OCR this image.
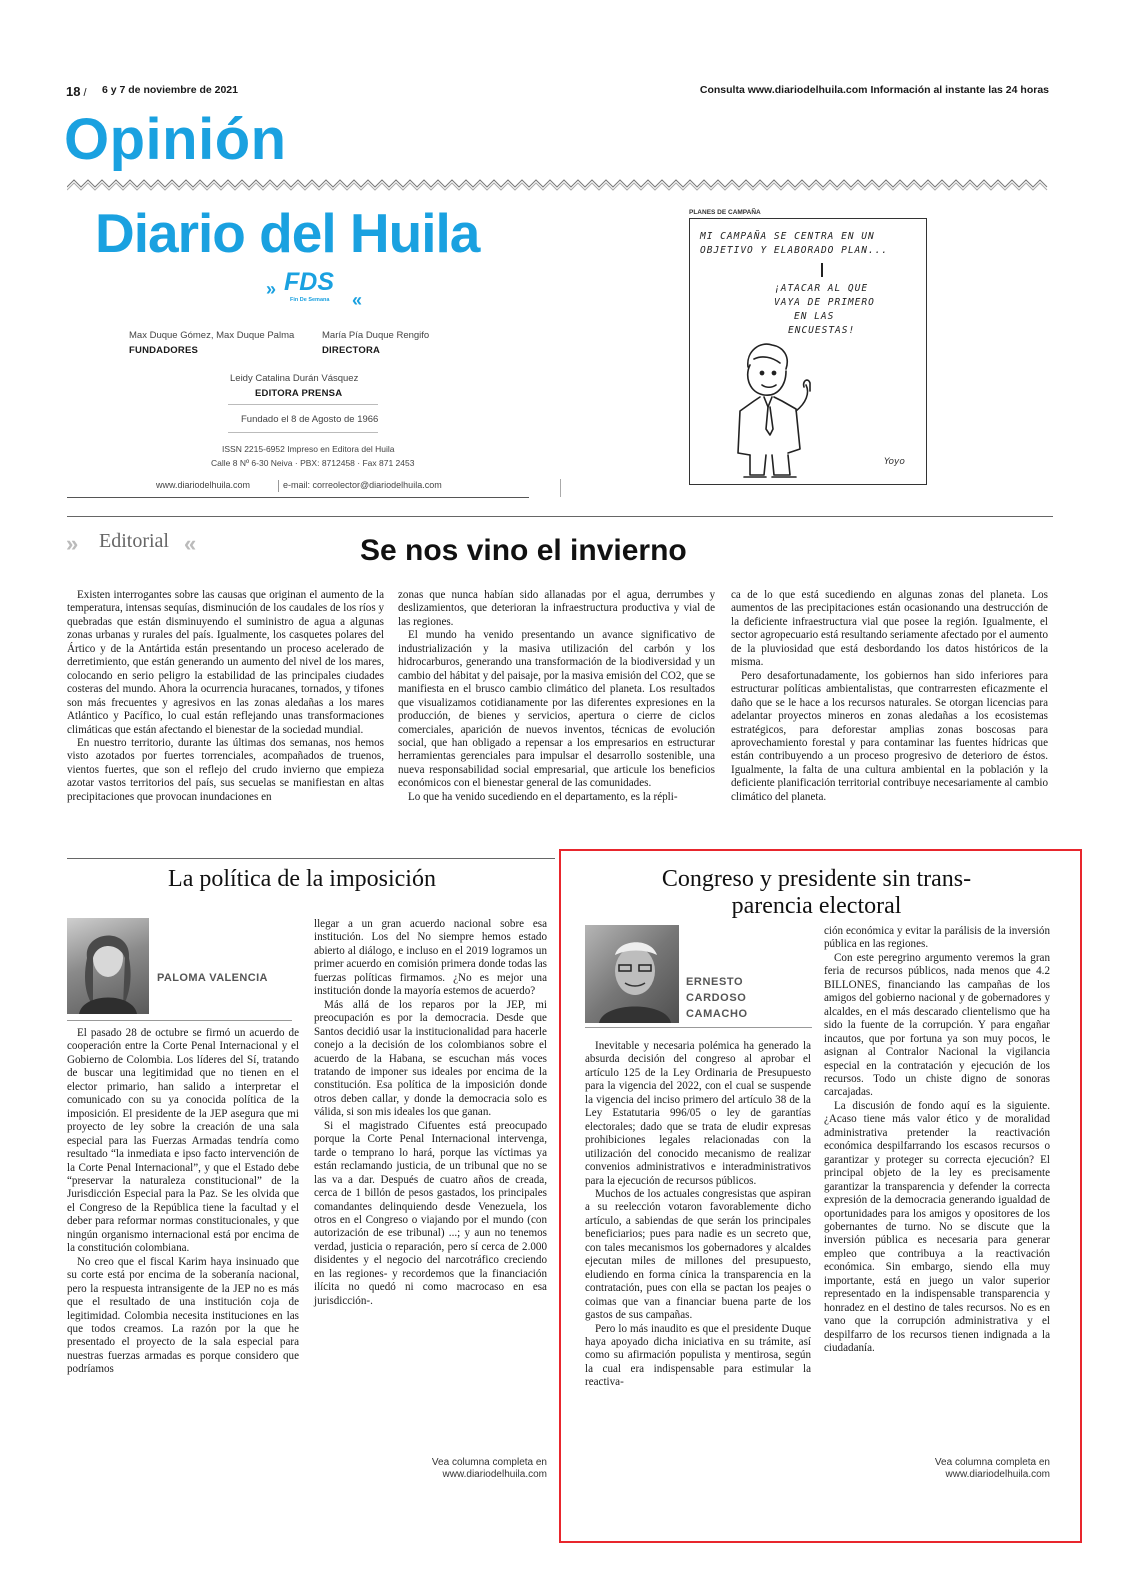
18 / 6 y 7 de noviembre de 2021	Consulta www.diariodelhuila.com Información al instante las 24 horas
Opinión
Diario del Huila
»
«
FDS
Fin De Semana
Max Duque Gómez, Max Duque Palma
FUNDADORES
María Pía Duque Rengifo
DIRECTORA
Leidy Catalina Durán Vásquez
EDITORA PRENSA
Fundado el 8 de Agosto de 1966
ISSN 2215-6952 Impreso en Editora del Huila
Calle 8 Nº 6-30 Neiva · PBX: 8712458 · Fax 871 2453
www.diariodelhuila.com	e-mail: correolector@diariodelhuila.com
PLANES DE CAMPAÑA
MI CAMPAÑA SE CENTRA EN UN
OBJETIVO Y ELABORADO PLAN...
¡ATACAR AL QUE
VAYA DE PRIMERO
EN LAS
ENCUESTAS!
Yoyo
» Editorial «	Se nos vino el invierno

Existen interrogantes sobre las causas que originan el aumento de la temperatura, intensas sequías, disminución de los caudales de los ríos y quebradas que están disminuyendo el suministro de agua a algunas zonas urbanas y rurales del país. Igualmente, los casquetes polares del Ártico y de la Antártida están presentando un proceso acelerado de derretimiento, que están generando un aumento del nivel de los mares, colocando en serio peligro la estabilidad de las principales ciudades costeras del mundo. Ahora la ocurrencia huracanes, tornados, y tifones son más frecuentes y agresivos en las zonas aledañas a los mares Atlántico y Pacífico, lo cual están reflejando unas transformaciones climáticas que están afectando el bienestar de la sociedad mundial.

En nuestro territorio, durante las últimas dos semanas, nos hemos visto azotados por fuertes torrenciales, acompañados de truenos, vientos fuertes, que son el reflejo del crudo invierno que empieza azotar vastos territorios del país, sus secuelas se manifiestan en altas precipitaciones que provocan inundaciones en

zonas que nunca habían sido allanadas por el agua, derrumbes y deslizamientos, que deterioran la infraestructura productiva y vial de las regiones.

El mundo ha venido presentando un avance significativo de industrialización y la masiva utilización del carbón y los hidrocarburos, generando una transformación de la biodiversidad y un cambio del hábitat y del paisaje, por la masiva emisión del CO2, que se manifiesta en el brusco cambio climático del planeta. Los resultados que visualizamos cotidianamente por las diferentes expresiones en la producción, de bienes y servicios, apertura o cierre de ciclos comerciales, aparición de nuevos inventos, técnicas de evolución social, que han obligado a repensar a los empresarios en estructurar herramientas gerenciales para impulsar el desarrollo sostenible, una nueva responsabilidad social empresarial, que articule los beneficios económicos con el bienestar general de las comunidades.

Lo que ha venido sucediendo en el departamento, es la répli-

ca de lo que está sucediendo en algunas zonas del planeta. Los aumentos de las precipitaciones están ocasionando una destrucción de la deficiente infraestructura vial que posee la región. Igualmente, el sector agropecuario está resultando seriamente afectado por el aumento de la pluviosidad que está desbordando los datos históricos de la misma.

Pero desafortunadamente, los gobiernos han sido inferiores para estructurar políticas ambientalistas, que contrarresten eficazmente el daño que se le hace a los recursos naturales. Se otorgan licencias para adelantar proyectos mineros en zonas aledañas a los ecosistemas estratégicos, para deforestar amplias zonas boscosas para aprovechamiento forestal y para contaminar las fuentes hídricas que están contribuyendo a un proceso progresivo de deterioro de éstos. Igualmente, la falta de una cultura ambiental en la población y la deficiente planificación territorial contribuye necesariamente al cambio climático del planeta.

La política de la imposición
PALOMA VALENCIA

El pasado 28 de octubre se firmó un acuerdo de cooperación entre la Corte Penal Internacional y el Gobierno de Colombia. Los líderes del Sí, tratando de buscar una legitimidad que no tienen en el elector primario, han salido a interpretar el comunicado con su ya conocida política de la imposición. El presidente de la JEP asegura que mi proyecto de ley sobre la creación de una sala especial para las Fuerzas Armadas tendría como resultado “la inmediata e ipso facto intervención de la Corte Penal Internacional”, y que el Estado debe “preservar la naturaleza constitucional” de la Jurisdicción Especial para la Paz. Se les olvida que el Congreso de la República tiene la facultad y el deber para reformar normas constitucionales, y que ningún organismo internacional está por encima de la constitución colombiana.

No creo que el fiscal Karim haya insinuado que su corte está por encima de la soberanía nacional, pero la respuesta intransigente de la JEP no es más que el resultado de una institución coja de legitimidad. Colombia necesita instituciones en las que todos creamos. La razón por la que he presentado el proyecto de la sala especial para nuestras fuerzas armadas es porque considero que podríamos

llegar a un gran acuerdo nacional sobre esa institución. Los del No siempre hemos estado abierto al diálogo, e incluso en el 2019 logramos un primer acuerdo en comisión primera donde todas las fuerzas políticas firmamos. ¿No es mejor una institución donde la mayoría estemos de acuerdo?

Más allá de los reparos por la JEP, mi preocupación es por la democracia. Desde que Santos decidió usar la institucionalidad para hacerle conejo a la decisión de los colombianos sobre el acuerdo de la Habana, se escuchan más voces tratando de imponer sus ideales por encima de la constitución. Esa política de la imposición donde otros deben callar, y donde la democracia solo es válida, si son mis ideales los que ganan.

Si el magistrado Cifuentes está preocupado porque la Corte Penal Internacional intervenga, tarde o temprano lo hará, porque las víctimas ya están reclamando justicia, de un tribunal que no se las va a dar. Después de cuatro años de creada, cerca de 1 billón de pesos gastados, los principales comandantes delinquiendo desde Venezuela, los otros en el Congreso o viajando por el mundo (con autorización de ese tribunal) ...; y aun no tenemos verdad, justicia o reparación, pero sí cerca de 2.000 disidentes y el negocio del narcotráfico creciendo en las regiones- y recordemos que la financiación ilícita no quedó ni como macrocaso en esa jurisdicción-.

Vea columna completa en
www.diariodelhuila.com
Congreso y presidente sin trans-
parencia electoral
ERNESTO
CARDOSO
CAMACHO

Inevitable y necesaria polémica ha generado la absurda decisión del congreso al aprobar el artículo 125 de la Ley Ordinaria de Presupuesto para la vigencia del 2022, con el cual se suspende la vigencia del inciso primero del artículo 38 de la Ley Estatutaria 996/05 o ley de garantías electorales; dado que se trata de eludir expresas prohibiciones legales relacionadas con la utilización del conocido mecanismo de realizar convenios administrativos e interadministrativos para la ejecución de recursos públicos.

Muchos de los actuales congresistas que aspiran a su reelección votaron favorablemente dicho artículo, a sabiendas de que serán los principales beneficiarios; pues para nadie es un secreto que, con tales mecanismos los gobernadores y alcaldes ejecutan miles de millones del presupuesto, eludiendo en forma cínica la transparencia en la contratación, pues con ella se pactan los peajes o coimas que van a financiar buena parte de los gastos de sus campañas.

Pero lo más inaudito es que el presidente Duque haya apoyado dicha iniciativa en su trámite, así como su afirmación populista y mentirosa, según la cual era indispensable para estimular la reactiva-

ción económica y evitar la parálisis de la inversión pública en las regiones.

Con este peregrino argumento veremos la gran feria de recursos públicos, nada menos que 4.2 BILLONES, financiando las campañas de los amigos del gobierno nacional y de gobernadores y alcaldes, en el más descarado clientelismo que ha sido la fuente de la corrupción. Y para engañar incautos, que por fortuna ya son muy pocos, le asignan al Contralor Nacional la vigilancia especial en la contratación y ejecución de los recursos. Todo un chiste digno de sonoras carcajadas.

La discusión de fondo aquí es la siguiente. ¿Acaso tiene más valor ético y de moralidad administrativa pretender la reactivación económica despilfarrando los escasos recursos o garantizar y proteger su correcta ejecución? El principal objeto de la ley es precisamente garantizar la transparencia y defender la correcta expresión de la democracia generando igualdad de oportunidades para los amigos y opositores de los gobernantes de turno. No se discute que la inversión pública es necesaria para generar empleo que contribuya a la reactivación económica. Sin embargo, siendo ella muy importante, está en juego un valor superior representado en la indispensable transparencia y honradez en el destino de tales recursos. No es en vano que la corrupción administrativa y el despilfarro de los recursos tienen indignada a la ciudadanía.

Vea columna completa en
www.diariodelhuila.com
